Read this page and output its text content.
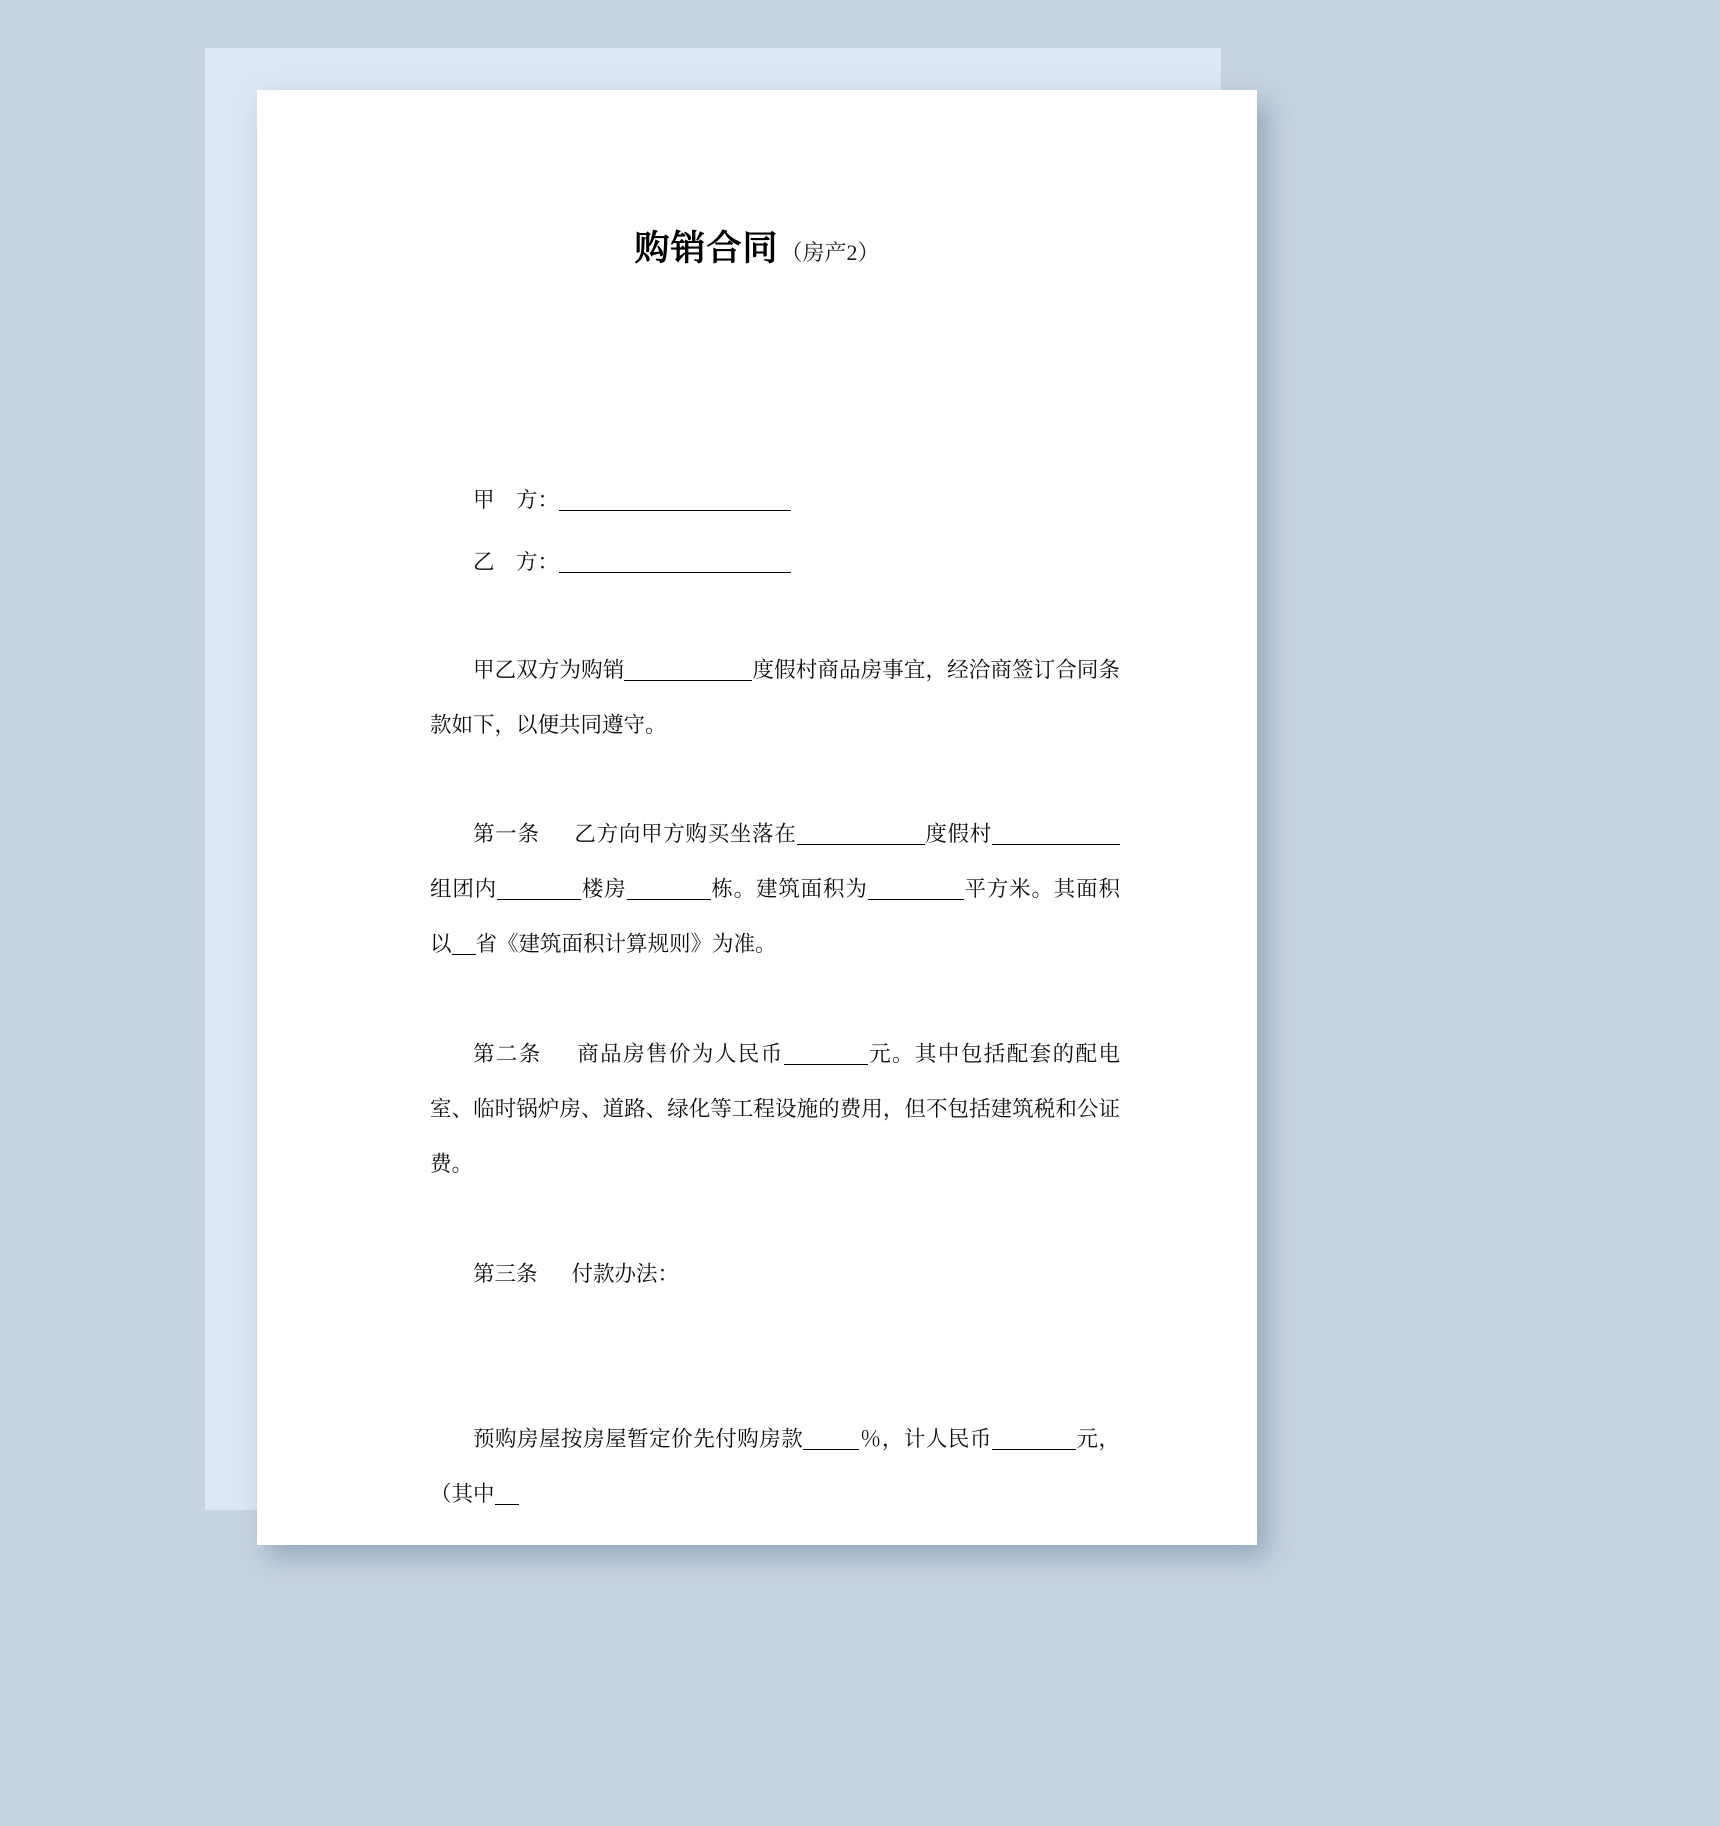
购销合同（房产2）

甲　方：

乙　方：

甲乙双方为购销	度假村商品房事宜，经洽商签订合同条款如下，以便共同遵守。

第一条 乙方向甲方购买坐落在	度假村组团内	楼房	栋。建筑面积为	平方米。其面积以 省《建筑面积计算规则》为准。

第二条 商品房售价为人民币	元。其中包括配套的配电室、临时锅炉房、道路、绿化等工程设施的费用，但不包括建筑税和公证费。

第三条 付款办法：

预购房屋按房屋暂定价先付购房款	％，计人民币	元，（其中
